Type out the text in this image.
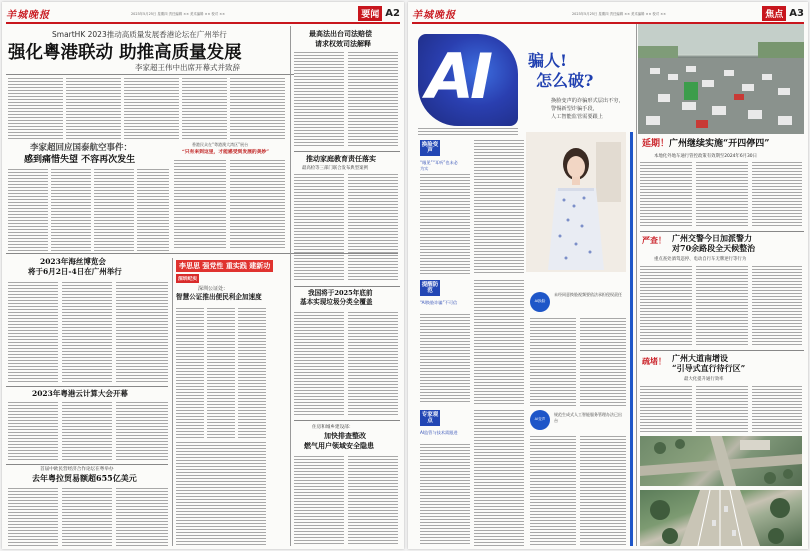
羊城晚报	2023年5月25日 星期四 责任编辑 ×× 美术编辑 ×× 校对 ××	要闻 A2
SmartHK 2023推动高质量发展香港论坛在广州举行
强化粤港联动 助推高质量发展
李家超王伟中出席开幕式并致辞
李家超回应国泰航空事件：
感到痛惜失望 不容再次发生
香港民众在“粤港澳大湾区”展台
“只有来到这里，才能感受到发展的美妙”
2023年海丝博览会
将于6月2日-4日在广州举行
2023年粤港云计算大会开幕
首届中欧民营经济合作论坛在粤举办
去年粤拉贸易额超655亿美元
李思思 强党性 重实践 建新功
深圳纪实
深圳公证处：
智慧公证推出便民利企加速度
最高法出台司法赔偿
请求权效司法解释
推动家庭教育责任落实
最高检等三部门联合发布典型案例
我国将于2025年底前
基本实现垃圾分类全覆盖
住房和城乡建设部：
加快排查整改
燃气用户领域安全隐患
羊城晚报	2023年5月25日 星期四 责任编辑 ×× 美术编辑 ×× 校对 ××	焦点 A3
AI 骗人!
怎么破?
换脸变声的诈骗形式层出不穷，
警惕新型诈骗手段，
人工智能监管需要跟上
换脸变声
“眼见”“耳听”也未必为实
提醒防范
“AI换脸诈骗”不可信
专家观点
AI监管与技术需跟进
AI换脸
AI变声
未经同意换脸视频要依法承担侵权责任
规范生成式人工智能服务管理办法已出台
延期！广州继续实施“开四停四”
本地化外地车通行管控政策有效期至2024年6月30日
严查！ 广州交警今日加派警力
对70余路段全天候整治
重点查处酒驾违停、电动自行车无牌逆行等行为
疏堵！ 广州大道南增设
“引导式直行待行区”
最大化提升通行效率
